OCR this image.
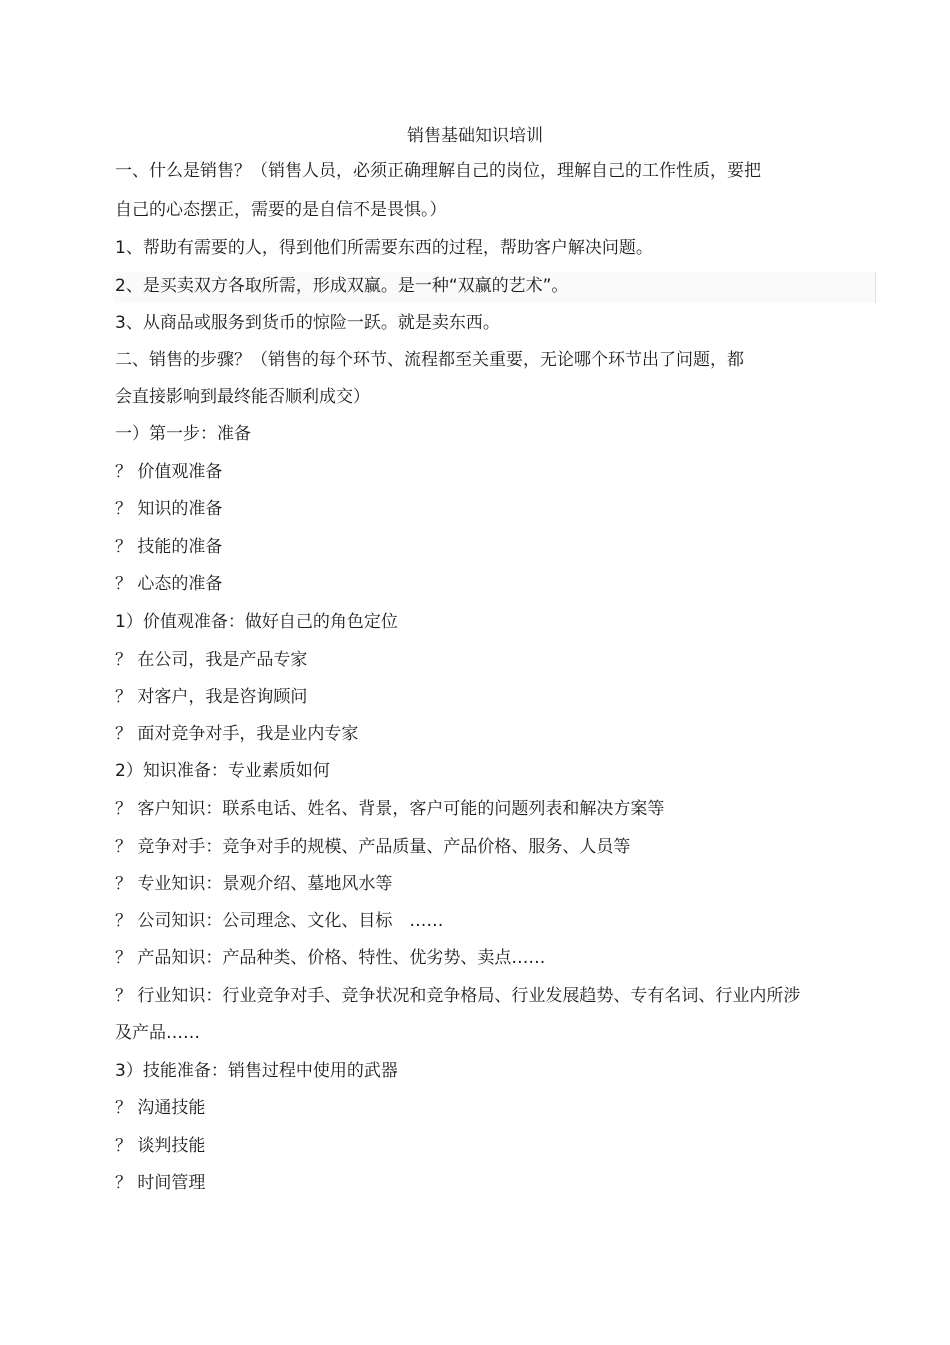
销售基础知识培训
一、什么是销售？（销售人员，必须正确理解自己的岗位，理解自己的工作性质，要把
自己的心态摆正，需要的是自信不是畏惧。）
1、帮助有需要的人，得到他们所需要东西的过程，帮助客户解决问题。
2、是买卖双方各取所需，形成双赢。是一种“双赢的艺术”。
3、从商品或服务到货币的惊险一跃。就是卖东西。
二、销售的步骤？（销售的每个环节、流程都至关重要，无论哪个环节出了问题，都
会直接影响到最终能否顺利成交）
一）第一步：准备
？ 价值观准备
？ 知识的准备
？ 技能的准备
？ 心态的准备
1）价值观准备：做好自己的角色定位
？ 在公司，我是产品专家
？ 对客户，我是咨询顾问
？ 面对竞争对手，我是业内专家
2）知识准备：专业素质如何
？ 客户知识：联系电话、姓名、背景，客户可能的问题列表和解决方案等
？ 竞争对手：竞争对手的规模、产品质量、产品价格、服务、人员等
？ 专业知识：景观介绍、墓地风水等
？ 公司知识：公司理念、文化、目标　……
？ 产品知识：产品种类、价格、特性、优劣势、卖点……
？ 行业知识：行业竞争对手、竞争状况和竞争格局、行业发展趋势、专有名词、行业内所涉
及产品……
3）技能准备：销售过程中使用的武器
？ 沟通技能
？ 谈判技能
？ 时间管理
